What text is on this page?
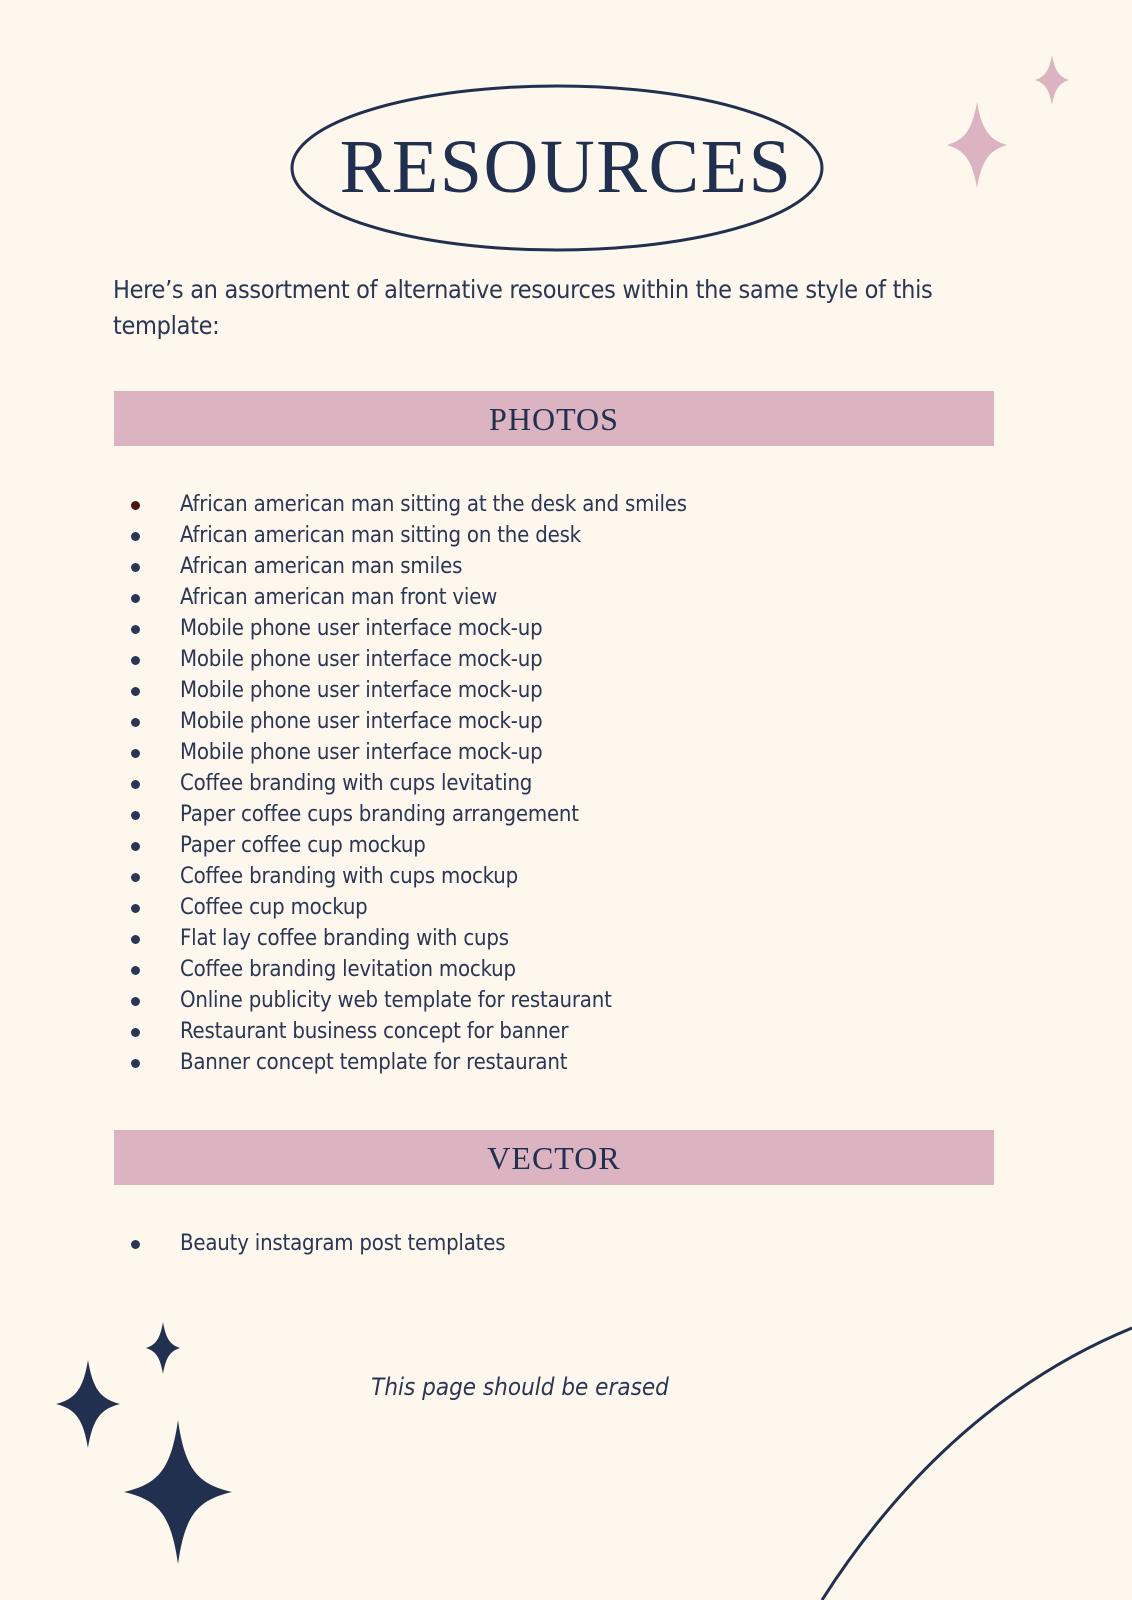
RESOURCES
Here’s an assortment of alternative resources within the same style of this template:
PHOTOS
African american man sitting at the desk and smiles
African american man sitting on the desk
African american man smiles
African american man front view
Mobile phone user interface mock-up
Mobile phone user interface mock-up
Mobile phone user interface mock-up
Mobile phone user interface mock-up
Mobile phone user interface mock-up
Coffee branding with cups levitating
Paper coffee cups branding arrangement
Paper coffee cup mockup
Coffee branding with cups mockup
Coffee cup mockup
Flat lay coffee branding with cups
Coffee branding levitation mockup
Online publicity web template for restaurant
Restaurant business concept for banner
Banner concept template for restaurant
VECTOR
Beauty instagram post templates
This page should be erased
